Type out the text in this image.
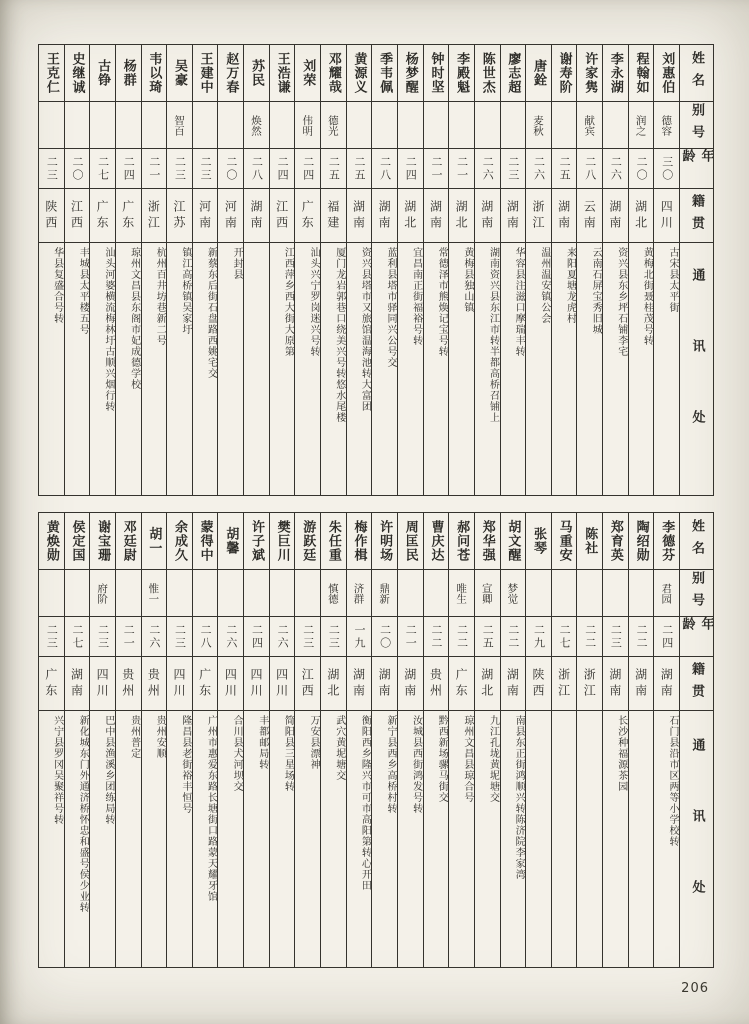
王克仁
二三
陕西
华县复盛合号转
史继诚
二〇
江西
丰城县太平楼五号
古铮
二七
广东
汕头河婆横流梅林圩古顺兴烟行转
杨群
二四
广东
琼州文昌县东阁市妃成德学校
韦以琦
二一
浙江
杭州百井坊巷新二号
吴豪
智百
二三
江苏
镇江高桥镇吴家圩
王建中
二三
河南
新蔡东后街石盘路西姚宅交
赵万春
二〇
河南
开封县
苏民
焕然
二八
湖南
王浩谦
二四
江西
江西萍乡西大街大原第
刘荣
伟明
二四
广东
汕头兴宁罗岗迷兴号转
邓耀哉
德光
二五
福建
厦门龙岩郭巷口绕美兴号转悠水尾楼
黄源义
二五
湖南
资兴县塔市又旅馆温海池转大富团
季韦佩
二八
湖南
蓝利县塔市驿同兴公号交
杨梦醒
二四
湖北
宜昌南正街福裕号转
钟时坚
二一
湖南
常德泽市熊焕记宝号转
李殿魁
二一
湖北
黄梅县独山镇
陈世杰
二六
湖南
湖南资兴县东江市转半都高桥召铺上
廖志超
二三
湖南
华容县注滋口摩瑞丰转
唐銓
麦秋
二六
浙江
温州温安镇公会
谢寿阶
二五
湖南
来阳夏塘龙虎村
许家隽
献宾
二八
云南
云南石屏宝秀旧城
李永湖
二六
湖南
资兴县东乡坪石铺李宅
程翰如
润之
二〇
湖北
黄梅北街聂桂茂号转
刘惠伯
德容
三〇
四川
古宋县太平街
姓名
别号
年龄
籍贯
通讯处
黄焕勋
二三
广东
兴宁县罗冈吴聚祥号转
侯定国
二七
湖南
新化城东门外通济桥怀忠和盛号侯少业转
谢宝珊
府阶
二三
四川
巴中县渔溪乡团练局转
邓廷尉
二一
贵州
贵州普定
胡一
惟一
二六
贵州
贵州安顺
余成久
二三
四川
隆昌县老街裕丰恒号
蒙得中
二八
广东
广州市惠爱东路长塘街口路蒙天耀牙馆
胡馨
二六
四川
合川县犬河坝交
许子斌
二四
四川
丰都邮局转
樊巨川
二六
四川
简阳县三星场转
游跃廷
二三
江西
万安县漂神
朱任重
慎德
二三
湖北
武穴黄坭塘交
梅作楫
济群
一九
湖南
衡阳西乡隆兴市可市高阳第转心开田
许明场
鼎新
二〇
湖南
新宁县西乡高桥村转
周匡民
二一
湖南
汝城县西街鸿发号转
曹庆达
二二
贵州
黔西新场骡马街交
郝问苍
唯生
二二
广东
琼州文昌县琼合号
郑华强
宣卿
二五
湖北
九江孔垅黄坭塘交
胡文醒
梦觉
二二
湖南
南县东正街鸿顺兴转陈济院李家湾
张琴
二九
陕西
马重安
二七
浙江
陈社
二二
浙江
郑育英
二三
湖南
长沙种福源茶园
陶绍勋
二二
湖南
李德芬
君园
二四
湖南
石门县沿市区两等小学校转
姓名
别号
年龄
籍贯
通讯处
206
